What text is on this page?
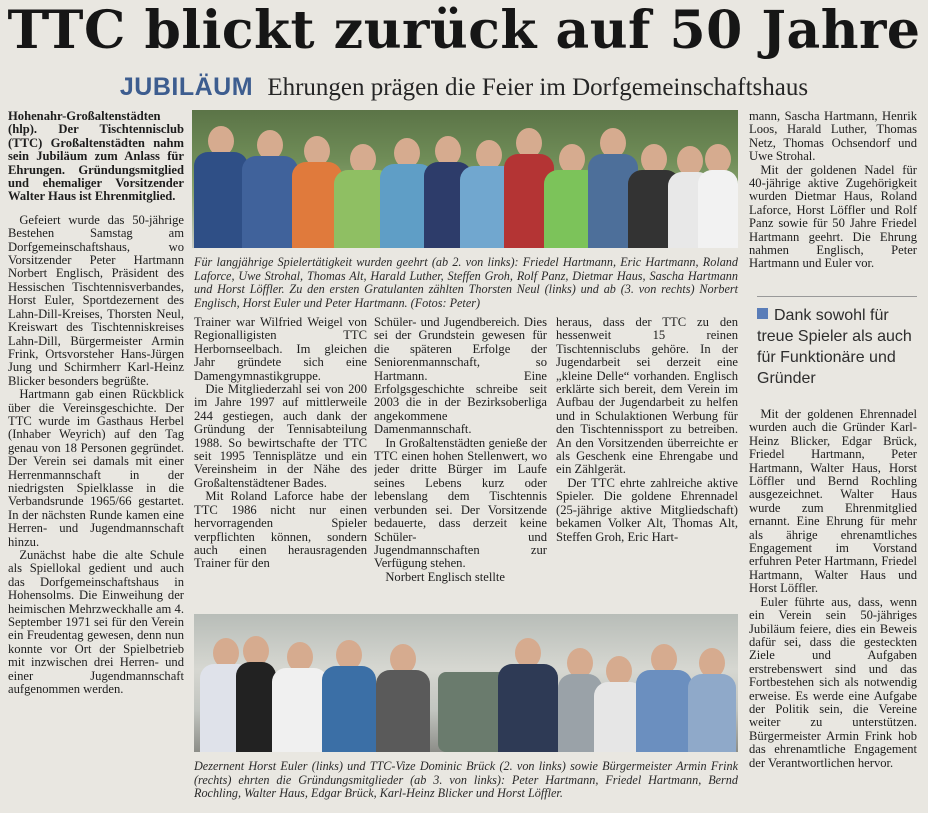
TTC blickt zurück auf 50 Jahre
JUBILÄUM Ehrungen prägen die Feier im Dorfgemeinschaftshaus

Hohenahr-Großaltenstädten (hlp). Der Tischtennisclub (TTC) Großaltenstädten nahm sein Jubiläum zum Anlass für Ehrungen. Gründungsmitglied und ehemaliger Vorsitzender Walter Haus ist Ehrenmitglied.

Gefeiert wurde das 50-jährige Bestehen Samstag am Dorfgemeinschaftshaus, wo Vorsitzender Peter Hartmann Norbert Englisch, Präsident des Hessischen Tischtennisverbandes, Horst Euler, Sportdezernent des Lahn-Dill-Kreises, Thorsten Neul, Kreiswart des Tischtenniskreises Lahn-Dill, Bürgermeister Armin Frink, Ortsvorsteher Hans-Jürgen Jung und Schirmherr Karl-Heinz Blicker besonders begrüßte.

Hartmann gab einen Rückblick über die Vereinsgeschichte. Der TTC wurde im Gasthaus Herbel (Inhaber Weyrich) auf den Tag genau von 18 Personen gegründet. Der Verein sei damals mit einer Herrenmannschaft in der niedrigsten Spielklasse in die Verbandsrunde 1965/66 gestartet. In der nächsten Runde kamen eine Herren- und Jugendmannschaft hinzu.

Zunächst habe die alte Schule als Spiellokal gedient und auch das Dorfgemeinschaftshaus in Hohensolms. Die Einweihung der heimischen Mehrzweckhalle am 4. September 1971 sei für den Verein ein Freudentag gewesen, denn nun konnte vor Ort der Spielbetrieb mit inzwischen drei Herren- und einer Jugendmannschaft aufgenommen werden.

Für langjährige Spielertätigkeit wurden geehrt (ab 2. von links): Friedel Hartmann, Eric Hartmann, Roland Laforce, Uwe Strohal, Thomas Alt, Harald Luther, Steffen Groh, Rolf Panz, Dietmar Haus, Sascha Hartmann und Horst Löffler. Zu den ersten Gratulanten zählten Thorsten Neul (links) und ab (3. von rechts) Norbert Englisch, Horst Euler und Peter Hartmann. (Fotos: Peter)

Trainer war Wilfried Weigel von Regionalligisten TTC Herbornseelbach. Im gleichen Jahr gründete sich eine Damengymnastikgruppe.

Die Mitgliederzahl sei von 200 im Jahre 1997 auf mittlerweile 244 gestiegen, auch dank der Gründung der Tennisabteilung 1988. So bewirtschafte der TTC seit 1995 Tennisplätze und ein Vereinsheim in der Nähe des Großaltenstädtener Bades.

Mit Roland Laforce habe der TTC 1986 nicht nur einen hervorragenden Spieler verpflichten können, sondern auch einen herausragenden Trainer für den

Schüler- und Jugendbereich. Dies sei der Grundstein gewesen für die späteren Erfolge der Seniorenmannschaft, so Hartmann. Eine Erfolgsgeschichte schreibe seit 2003 die in der Bezirksoberliga angekommene Damenmannschaft.

In Großaltenstädten genieße der TTC einen hohen Stellenwert, wo jeder dritte Bürger im Laufe seines Lebens kurz oder lebenslang dem Tischtennis verbunden sei. Der Vorsitzende bedauerte, dass derzeit keine Schüler- und Jugendmannschaften zur Verfügung stehen.

Norbert Englisch stellte

heraus, dass der TTC zu den hessenweit 15 reinen Tischtennisclubs gehöre. In der Jugendarbeit sei derzeit eine „kleine Delle“ vorhanden. Englisch erklärte sich bereit, dem Verein im Aufbau der Jugendarbeit zu helfen und in Schulaktionen Werbung für den Tischtennissport zu betreiben. An den Vorsitzenden überreichte er als Geschenk eine Ehrengabe und ein Zählgerät.

Der TTC ehrte zahlreiche aktive Spieler. Die goldene Ehrennadel (25-jährige aktive Mitgliedschaft) bekamen Volker Alt, Thomas Alt, Steffen Groh, Eric Hart-

Dezernent Horst Euler (links) und TTC-Vize Dominic Brück (2. von links) sowie Bürgermeister Armin Frink (rechts) ehrten die Gründungsmitglieder (ab 3. von links): Peter Hartmann, Friedel Hartmann, Bernd Rochling, Walter Haus, Edgar Brück, Karl-Heinz Blicker und Horst Löffler.

mann, Sascha Hartmann, Henrik Loos, Harald Luther, Thomas Netz, Thomas Ochsendorf und Uwe Strohal.

Mit der goldenen Nadel für 40-jährige aktive Zugehörigkeit wurden Dietmar Haus, Roland Laforce, Horst Löffler und Rolf Panz sowie für 50 Jahre Friedel Hartmann geehrt. Die Ehrung nahmen Englisch, Peter Hartmann und Euler vor.

Dank sowohl für treue Spieler als auch für Funktionäre und Gründer

Mit der goldenen Ehrennadel wurden auch die Gründer Karl-Heinz Blicker, Edgar Brück, Friedel Hartmann, Peter Hartmann, Walter Haus, Horst Löffler und Bernd Rochling ausgezeichnet. Walter Haus wurde zum Ehrenmitglied ernannt. Eine Ehrung für mehr als ährige ehrenamtliches Engagement im Vorstand erfuhren Peter Hartmann, Friedel Hartmann, Walter Haus und Horst Löffler.

Euler führte aus, dass, wenn ein Verein sein 50-jähriges Jubiläum feiere, dies ein Beweis dafür sei, dass die gesteckten Ziele und Aufgaben erstrebenswert sind und das Fortbestehen sich als notwendig erweise. Es werde eine Aufgabe der Politik sein, die Vereine weiter zu unterstützen. Bürgermeister Armin Frink hob das ehrenamtliche Engagement der Verantwortlichen hervor.
